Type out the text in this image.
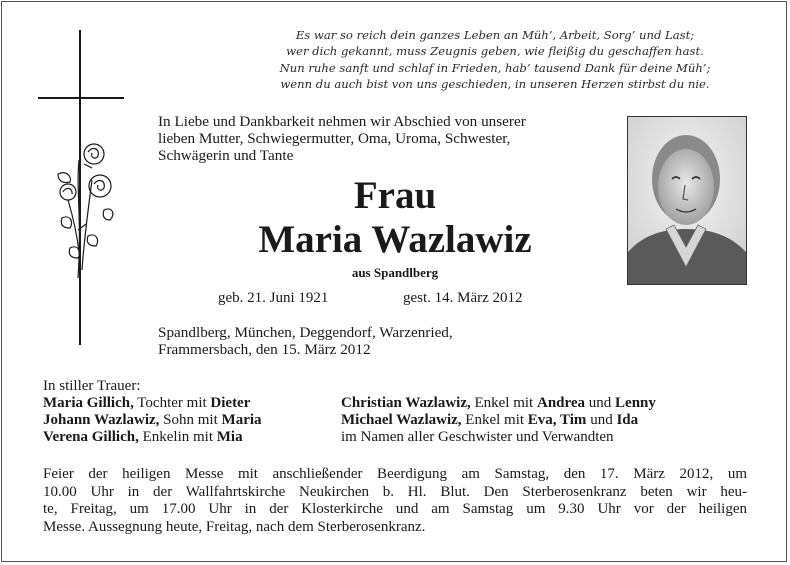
Es war so reich dein ganzes Leben an Müh’, Arbeit, Sorg’ und Last;
wer dich gekannt, muss Zeugnis geben, wie fleißig du geschaffen hast.
Nun ruhe sanft und schlaf in Frieden, hab’ tausend Dank für deine Müh’;
wenn du auch bist von uns geschieden, in unseren Herzen stirbst du nie.
In Liebe und Dankbarkeit nehmen wir Abschied von unserer
lieben Mutter, Schwiegermutter, Oma, Uroma, Schwester,
Schwägerin und Tante
Frau
Maria Wazlawiz
aus Spandlberg
geb. 21. Juni 1921	gest. 14. März 2012
Spandlberg, München, Deggendorf, Warzenried,
Frammersbach, den 15. März 2012
In stiller Trauer:
Maria Gillich, Tochter mit Dieter	Christian Wazlawiz, Enkel mit Andrea und Lenny
Johann Wazlawiz, Sohn mit Maria	Michael Wazlawiz, Enkel mit Eva, Tim und Ida
Verena Gillich, Enkelin mit Mia	im Namen aller Geschwister und Verwandten
Feier der heiligen Messe mit anschließender Beerdigung am Samstag, den 17. März 2012, um
10.00 Uhr in der Wallfahrtskirche Neukirchen b. Hl. Blut. Den Sterberosenkranz beten wir heu-
te, Freitag, um 17.00 Uhr in der Klosterkirche und am Samstag um 9.30 Uhr vor der heiligen
Messe. Aussegnung heute, Freitag, nach dem Sterberosenkranz.
